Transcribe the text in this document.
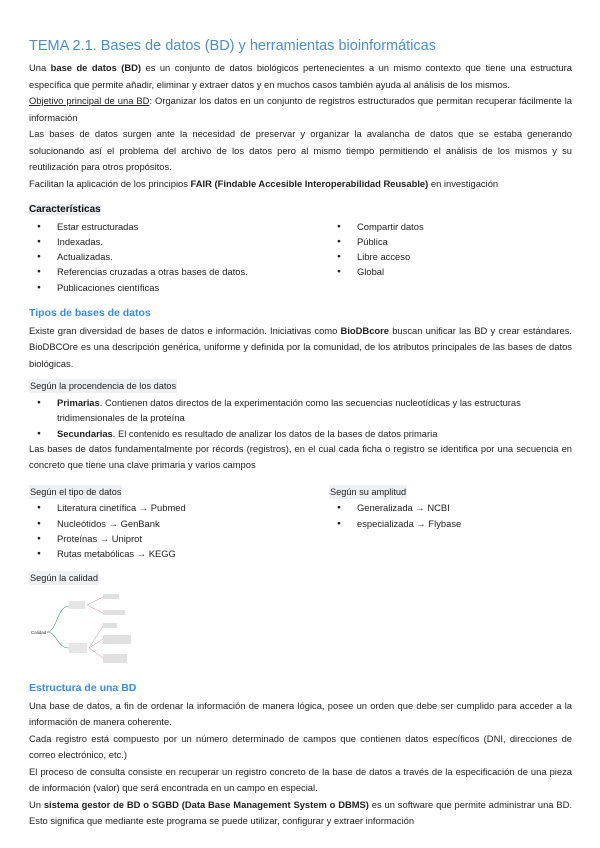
TEMA 2.1. Bases de datos (BD) y herramientas bioinformáticas

Una base de datos (BD) es un conjunto de datos biológicos pertenecientes a un mismo contexto que tiene una estructura específica que permite añadir, eliminar y extraer datos y en muchos casos también ayuda al análisis de los mismos.

Objetivo principal de una BD: Organizar los datos en un conjunto de registros estructurados que permitan recuperar fácilmente la información

Las bases de datos surgen ante la necesidad de preservar y organizar la avalancha de datos que se estaba generando solucionando así el problema del archivo de los datos pero al mismo tiempo permitiendo el análisis de los mismos y su reutilización para otros propósitos.

Facilitan la aplicación de los principios FAIR (Findable Accesible Interoperabilidad Reusable) en investigación

Características
● Estar estructuradas
● Indexadas.
● Actualizadas.
● Referencias cruzadas a otras bases de datos.
● Publicaciones científicas
● Compartir datos
● Pública
● Libre acceso
● Global
Tipos de bases de datos

Existe gran diversidad de bases de datos e información. Iniciativas como BioDBcore buscan unificar las BD y crear estándares. BioDBCOre es una descripción genérica, uniforme y definida por la comunidad, de los atributos principales de las bases de datos biológicas.

Según la procendencia de los datos
● Primarias. Contienen datos directos de la experimentación como las secuencias nucleotídicas y las estructuras tridimensionales de la proteína
● Secundarias. El contenido es resultado de analizar los datos de la bases de datos primaria

Las bases de datos fundamentalmente por récords (registros), en el cual cada ficha o registro se identifica por una secuencia en concreto que tiene una clave primaria y varios campos

Según el tipo de datos
● Literatura cinetífica → Pubmed
● Nucleótidos → GenBank
● Proteínas → Uniprot
● Rutas metabólicas → KEGG
Según su amplitud
● Generalizada → NCBI
● especializada → Flybase
Según la calidad
Calidad
Estructura de una BD

Una base de datos, a fin de ordenar la información de manera lógica, posee un orden que debe ser cumplido para acceder a la información de manera coherente.

Cada registro está compuesto por un número determinado de campos que contienen datos específicos (DNI, direcciones de correo electrónico, etc.)

El proceso de consulta consiste en recuperar un registro concreto de la base de datos a través de la especificación de una pieza de información (valor) que será encontrada en un campo en especial.

Un sistema gestor de BD o SGBD (Data Base Management System o DBMS) es un software que permite administrar una BD. Esto significa que mediante este programa se puede utilizar, configurar y extraer información
